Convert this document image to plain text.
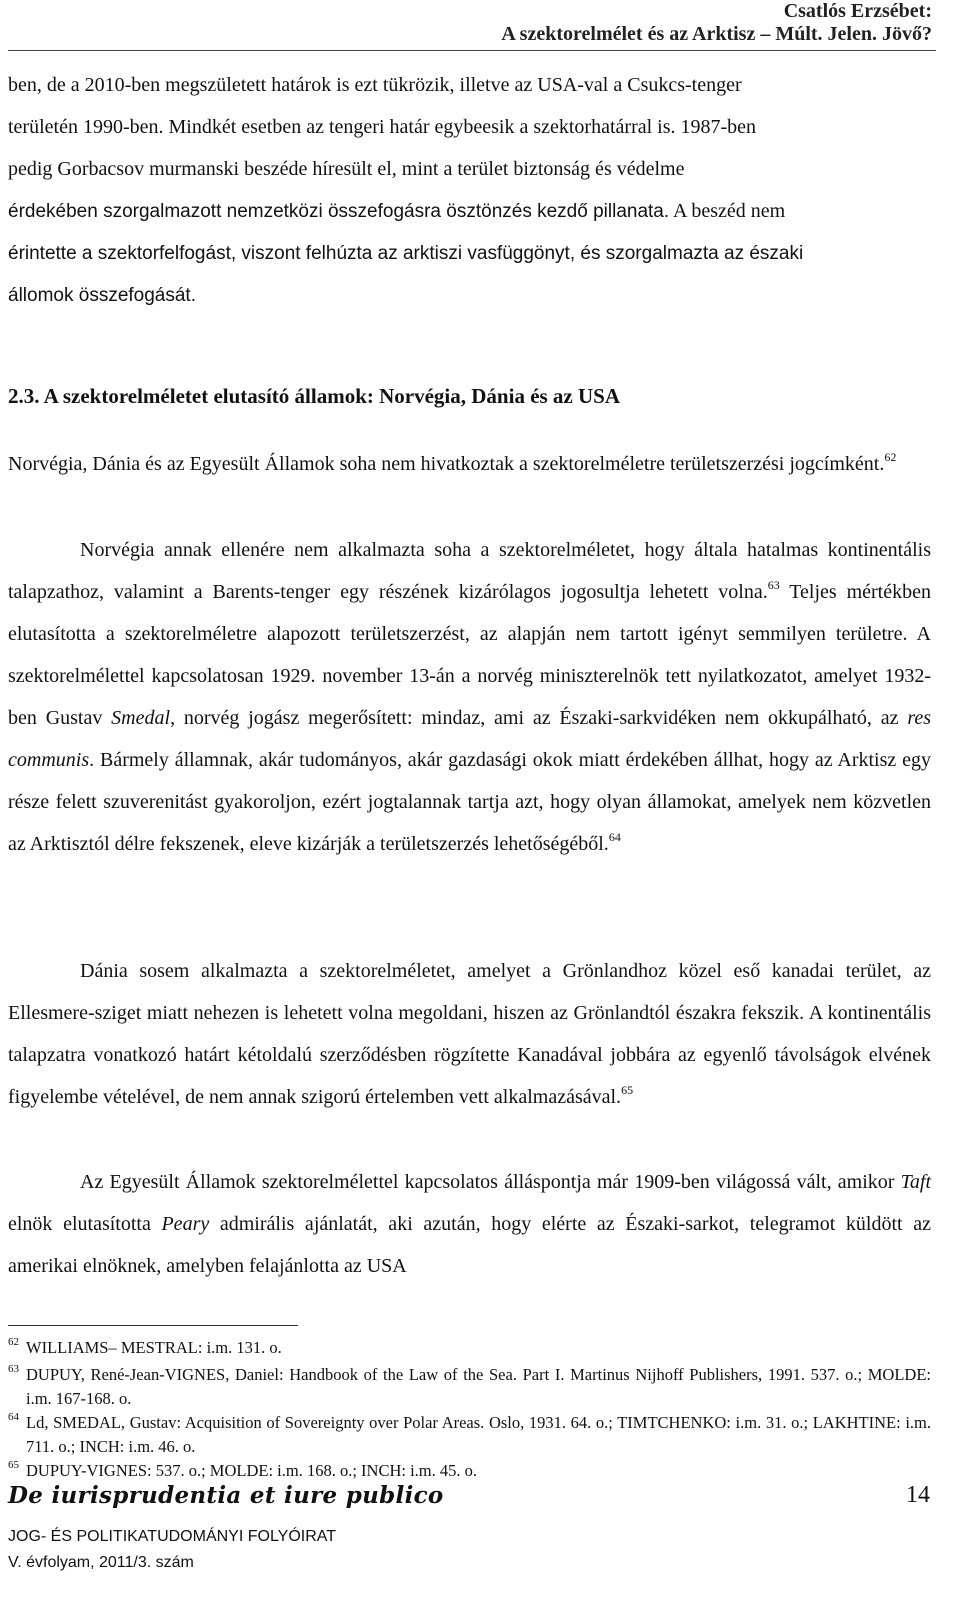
Csatlós Erzsébet:
A szektorelmélet és az Arktisz – Múlt. Jelen. Jövő?
ben, de a 2010-ben megszületett határok is ezt tükrözik, illetve az USA-val a Csukcs-tenger
területén 1990-ben. Mindkét esetben az tengeri határ egybeesik a szektorhatárral is. 1987-ben
pedig Gorbacsov murmanski beszéde híresült el, mint a terület biztonság és védelme
érdekében szorgalmazott nemzetközi összefogásra ösztönzés kezdő pillanata. A beszéd nem
érintette a szektorfelfogást, viszont felhúzta az arktiszi vasfüggönyt, és szorgalmazta az északi
állomok összefogását.
2.3. A szektorelméletet elutasító államok: Norvégia, Dánia és az USA
Norvégia, Dánia és az Egyesült Államok soha nem hivatkoztak a szektorelméletre területszerzési jogcímként.$^{62}$
Norvégia annak ellenére nem alkalmazta soha a szektorelméletet, hogy általa hatalmas kontinentális talapzathoz, valamint a Barents-tenger egy részének kizárólagos jogosultja lehetett volna.$^{63}$ Teljes mértékben elutasította a szektorelméletre alapozott területszerzést, az alapján nem tartott igényt semmilyen területre. A szektorelmélettel kapcsolatosan 1929. november 13-án a norvég miniszterelnök tett nyilatkozatot, amelyet 1932-ben Gustav Smedal, norvég jogász megerősített: mindaz, ami az Északi-sarkvidéken nem okkupálható, az res communis. Bármely államnak, akár tudományos, akár gazdasági okok miatt érdekében állhat, hogy az Arktisz egy része felett szuverenitást gyakoroljon, ezért jogtalannak tartja azt, hogy olyan államokat, amelyek nem közvetlen az Arktisztól délre fekszenek, eleve kizárják a területszerzés lehetőségéből.$^{64}$
Dánia sosem alkalmazta a szektorelméletet, amelyet a Grönlandhoz közel eső kanadai terület, az Ellesmere-sziget miatt nehezen is lehetett volna megoldani, hiszen az Grönlandtól északra fekszik. A kontinentális talapzatra vonatkozó határt kétoldalú szerződésben rögzítette Kanadával jobbára az egyenlő távolságok elvének figyelembe vételével, de nem annak szigorú értelemben vett alkalmazásával.$^{65}$
Az Egyesült Államok szektorelmélettel kapcsolatos álláspontja már 1909-ben világossá vált, amikor Taft elnök elutasította Peary admirális ajánlatát, aki azután, hogy elérte az Északi-sarkot, telegramot küldött az amerikai elnöknek, amelyben felajánlotta az USA
62 WILLIAMS– MESTRAL: i.m. 131. o.
63 DUPUY, René-Jean-VIGNES, Daniel: Handbook of the Law of the Sea. Part I. Martinus Nijhoff Publishers, 1991. 537. o.; MOLDE: i.m. 167-168. o.
64 Ld, SMEDAL, Gustav: Acquisition of Sovereignty over Polar Areas. Oslo, 1931. 64. o.; TIMTCHENKO: i.m. 31. o.; LAKHTINE: i.m. 711. o.; INCH: i.m. 46. o.
65 DUPUY-VIGNES: 537. o.; MOLDE: i.m. 168. o.; INCH: i.m. 45. o.
De iurisprudentia et iure publico	14
JOG- ÉS POLITIKATUDOMÁNYI FOLYÓIRAT
V. évfolyam, 2011/3. szám
